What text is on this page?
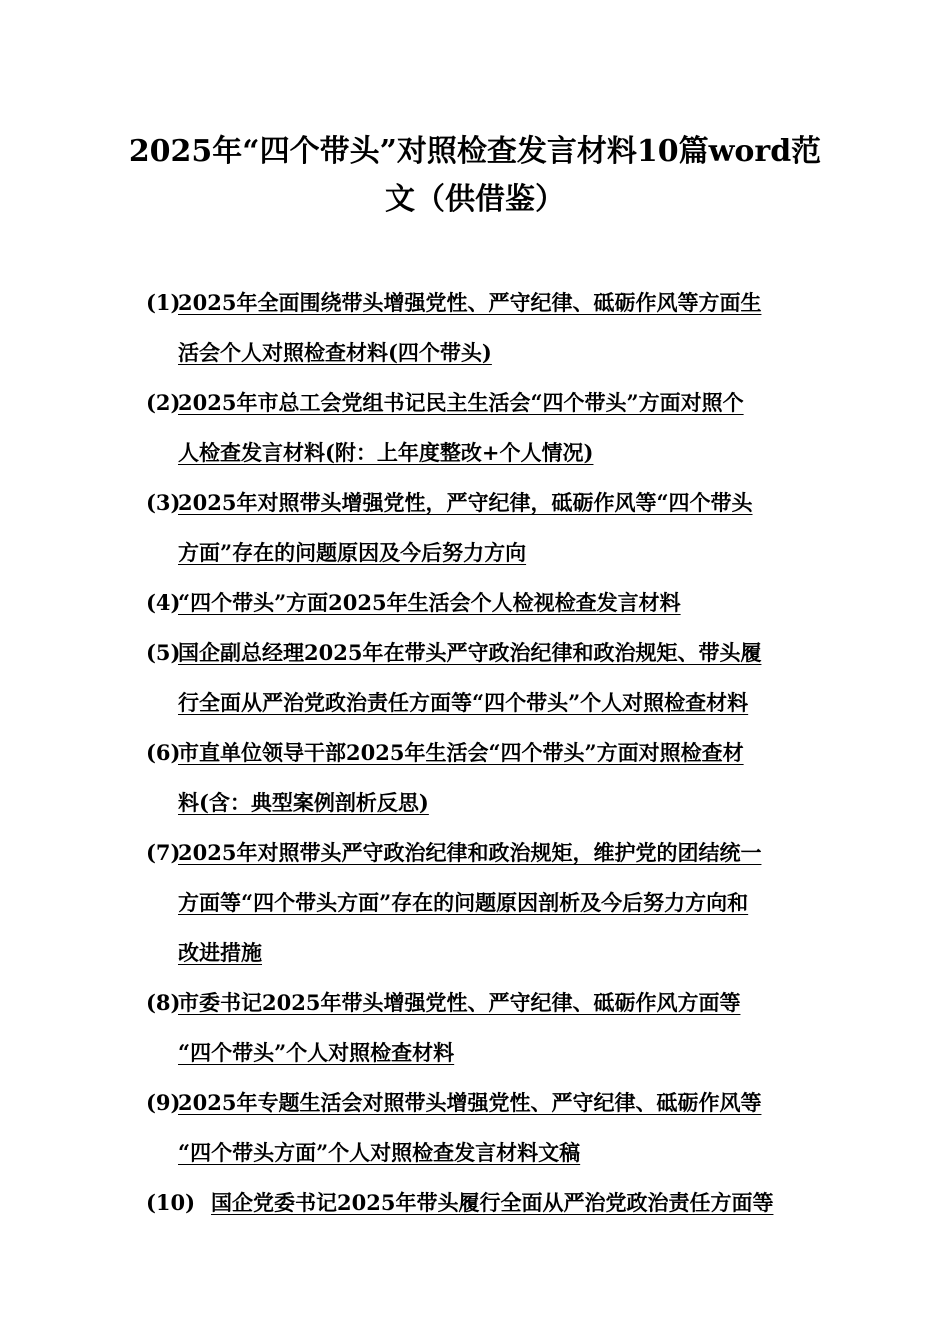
2025年“四个带头”对照检查发言材料10篇word范
文（供借鉴）
(1)
2025年全面围绕带头增强党性、严守纪律、砥砺作风等方面生
活会个人对照检查材料(四个带头)
(2)
2025年市总工会党组书记民主生活会“四个带头”方面对照个
人检查发言材料(附：上年度整改+个人情况)
(3)
2025年对照带头增强党性，严守纪律，砥砺作风等“四个带头
方面”存在的问题原因及今后努力方向
(4)
“四个带头”方面2025年生活会个人检视检查发言材料
(5)
国企副总经理2025年在带头严守政治纪律和政治规矩、带头履
行全面从严治党政治责任方面等“四个带头”个人对照检查材料
(6)
市直单位领导干部2025年生活会“四个带头”方面对照检查材
料(含：典型案例剖析反思)
(7)
2025年对照带头严守政治纪律和政治规矩，维护党的团结统一
方面等“四个带头方面”存在的问题原因剖析及今后努力方向和
改进措施
(8)
市委书记2025年带头增强党性、严守纪律、砥砺作风方面等
“四个带头”个人对照检查材料
(9)
2025年专题生活会对照带头增强党性、严守纪律、砥砺作风等
“四个带头方面”个人对照检查发言材料文稿
(10) 国企党委书记2025年带头履行全面从严治党政治责任方面等
